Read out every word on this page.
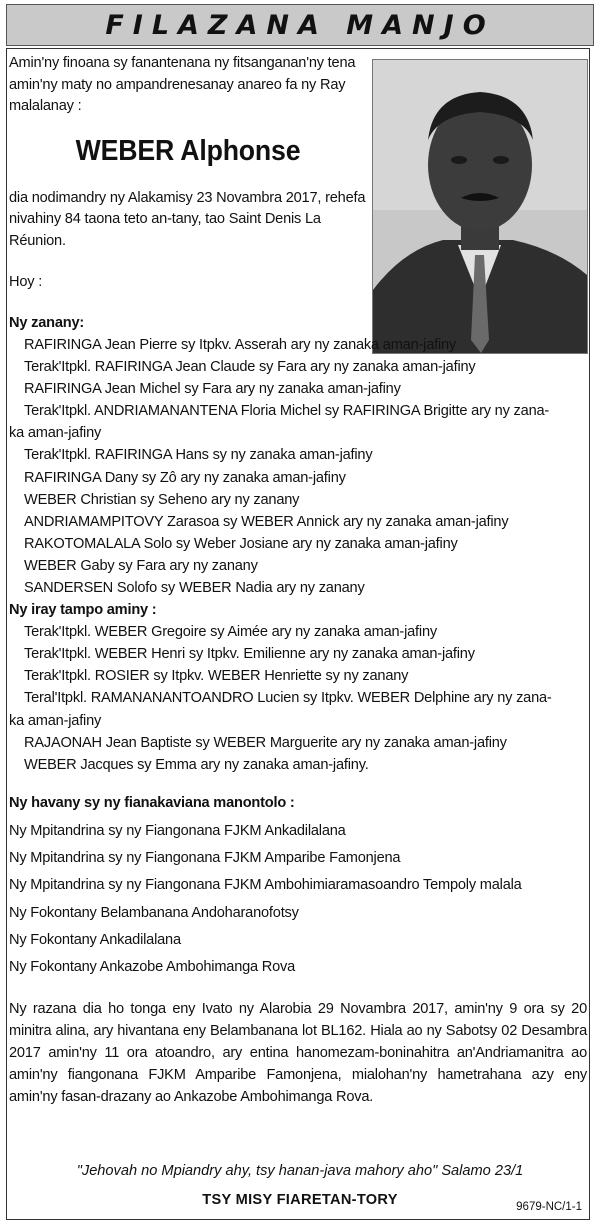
FILAZANA MANJO

Amin'ny finoana sy fanantenana ny fitsanganan'ny tena amin'ny maty no ampandrenesanay anareo fa ny Ray malalanay :

WEBER Alphonse

dia nodimandry ny Alakamisy 23 Novambra 2017, rehefa nivahiny 84 taona teto an-tany, tao Saint Denis La Réunion.

Hoy :

Ny zanany:

RAFIRINGA Jean Pierre sy Itpkv. Asserah ary ny zanaka aman-jafiny

Terak'Itpkl. RAFIRINGA Jean Claude sy Fara ary ny zanaka aman-jafiny

RAFIRINGA Jean Michel sy Fara ary ny zanaka aman-jafiny

Terak'Itpkl. ANDRIAMANANTENA Floria Michel sy RAFIRINGA Brigitte ary ny zana-

ka aman-jafiny

Terak'Itpkl. RAFIRINGA Hans sy ny zanaka aman-jafiny

RAFIRINGA Dany sy Zô ary ny zanaka aman-jafiny

WEBER Christian sy Seheno ary ny zanany

ANDRIAMAMPITOVY Zarasoa sy WEBER Annick ary ny zanaka aman-jafiny

RAKOTOMALALA Solo sy Weber Josiane ary ny zanaka aman-jafiny

WEBER Gaby sy Fara ary ny zanany

SANDERSEN Solofo sy WEBER Nadia ary ny zanany

Ny iray tampo aminy :

Terak'Itpkl. WEBER Gregoire sy Aimée ary ny zanaka aman-jafiny

Terak'Itpkl. WEBER Henri sy Itpkv. Emilienne ary ny zanaka aman-jafiny

Terak'Itpkl. ROSIER sy Itpkv. WEBER Henriette sy ny zanany

Teral'Itpkl. RAMANANANTOANDRO Lucien sy Itpkv. WEBER Delphine ary ny zana-

ka aman-jafiny

RAJAONAH Jean Baptiste sy WEBER Marguerite ary ny zanaka aman-jafiny

WEBER Jacques sy Emma ary ny zanaka aman-jafiny.

Ny havany sy ny fianakaviana manontolo :

Ny Mpitandrina sy ny Fiangonana FJKM Ankadilalana

Ny Mpitandrina sy ny Fiangonana FJKM Amparibe Famonjena

Ny Mpitandrina sy ny Fiangonana FJKM Ambohimiaramasoandro Tempoly malala

Ny Fokontany Belambanana Andoharanofotsy

Ny Fokontany Ankadilalana

Ny Fokontany Ankazobe Ambohimanga Rova

Ny razana dia ho tonga eny Ivato ny Alarobia 29 Novambra 2017, amin'ny 9 ora sy 20 minitra alina, ary hivantana eny Belambanana lot BL162. Hiala ao ny Sabotsy 02 Desambra 2017 amin'ny 11 ora atoandro, ary entina hanomezam-boninahitra an'Andriamanitra ao amin'ny fiangonana FJKM Amparibe Famonjena, mialohan'ny hametrahana azy eny amin'ny fasan-drazany ao Ankazobe Ambohimanga Rova.

"Jehovah no Mpiandry ahy, tsy hanan-java mahory aho" Salamo 23/1
TSY MISY FIARETAN-TORY	9679-NC/1-1
